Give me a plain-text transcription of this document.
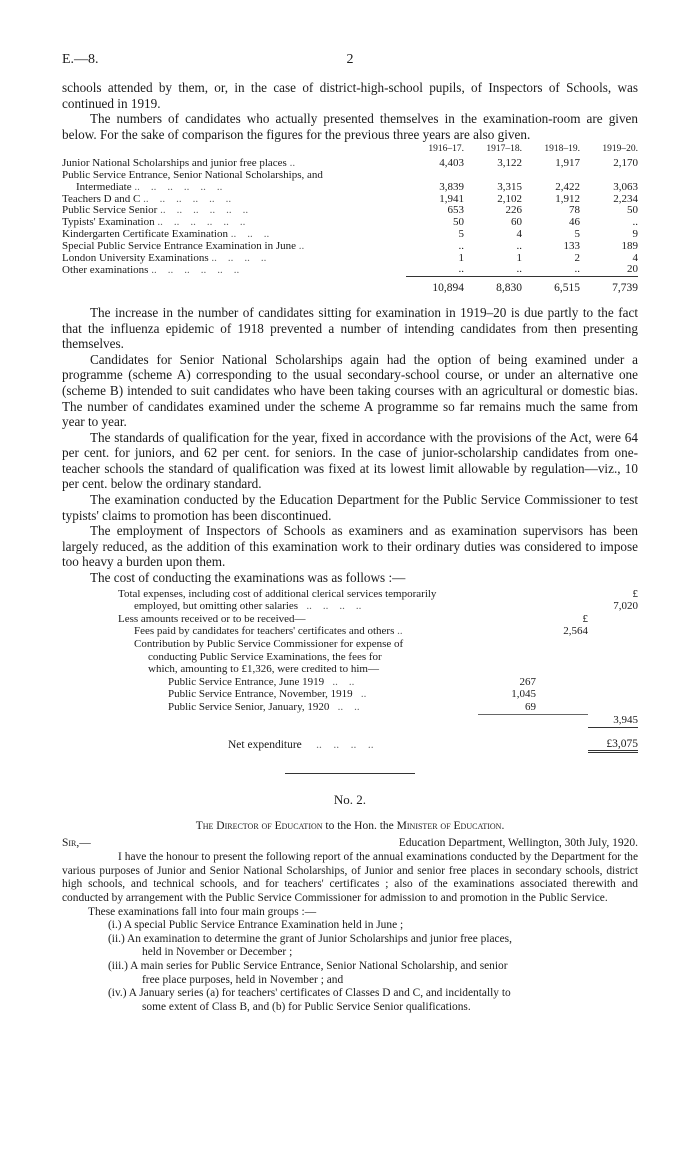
E.—8.	2

schools attended by them, or, in the case of district-high-school pupils, of Inspectors of Schools, was continued in 1919.

The numbers of candidates who actually presented themselves in the examination-room are given below. For the sake of comparison the figures for the previous three years are also given.

	1916–17.	1917–18.	1918–19.	1919–20.
Junior National Scholarships and junior free places ..	4,403	3,122	1,917	2,170
Public Service Entrance, Senior National Scholarships, and				
Intermediate ..    ..    ..    ..    ..    ..	3,839	3,315	2,422	3,063
Teachers D and C ..    ..    ..    ..    ..    ..	1,941	2,102	1,912	2,234
Public Service Senior ..    ..    ..    ..    ..    ..	653	226	78	50
Typists' Examination ..    ..    ..    ..    ..    ..	50	60	46	..
Kindergarten Certificate Examination ..    ..    ..	5	4	5	9
Special Public Service Entrance Examination in June ..	..	..	133	189
London University Examinations ..    ..    ..    ..	1	1	2	4
Other examinations ..    ..    ..    ..    ..    ..	..	..	..	20
	10,894	8,830	6,515	7,739

The increase in the number of candidates sitting for examination in 1919–20 is due partly to the fact that the influenza epidemic of 1918 prevented a number of intending candidates from then presenting themselves.

Candidates for Senior National Scholarships again had the option of being examined under a programme (scheme A) corresponding to the usual secondary-school course, or under an alternative one (scheme B) intended to suit candidates who have been taking courses with an agricultural or domestic bias. The number of candidates examined under the scheme A programme so far remains much the same from year to year.

The standards of qualification for the year, fixed in accordance with the provisions of the Act, were 64 per cent. for juniors, and 62 per cent. for seniors. In the case of junior-scholarship candidates from one-teacher schools the standard of qualification was fixed at its lowest limit allowable by regulation—viz., 10 per cent. below the ordinary standard.

The examination conducted by the Education Department for the Public Service Commissioner to test typists' claims to promotion has been discontinued.

The employment of Inspectors of Schools as examiners and as examination supervisors has been largely reduced, as the addition of this examination work to their ordinary duties was considered to impose too heavy a burden upon them.

The cost of conducting the examinations was as follows :—

Total expenses, including cost of additional clerical services temporarily			£
employed, but omitting other salaries   ..    ..    ..    ..			7,020
Less amounts received or to be received—		£	
Fees paid by candidates for teachers' certificates and others ..		2,564	
Contribution by Public Service Commissioner for expense of			
conducting Public Service Examinations, the fees for			
which, amounting to £1,326, were credited to him—			
Public Service Entrance, June 1919   ..    ..	267		
Public Service Entrance, November, 1919   ..	1,045		
Public Service Senior, January, 1920   ..    ..	69		
			3,945
Net expenditure     ..    ..    ..    ..			£3,075
No. 2.
The Director of Education to the Hon. the Minister of Education.
Sir,—	Education Department, Wellington, 30th July, 1920.

I have the honour to present the following report of the annual examinations conducted by the Department for the various purposes of Junior and Senior National Scholarships, of Junior and senior free places in secondary schools, district high schools, and technical schools, and for teachers' certificates ; also of the examinations associated therewith and conducted by arrangement with the Public Service Commissioner for admission to and promotion in the Public Service.

These examinations fall into four main groups :—

(i.) A special Public Service Entrance Examination held in June ;
(ii.) An examination to determine the grant of Junior Scholarships and junior free places,
held in November or December ;
(iii.) A main series for Public Service Entrance, Senior National Scholarship, and senior
free place purposes, held in November ; and
(iv.) A January series (a) for teachers' certificates of Classes D and C, and incidentally to
some extent of Class B, and (b) for Public Service Senior qualifications.
